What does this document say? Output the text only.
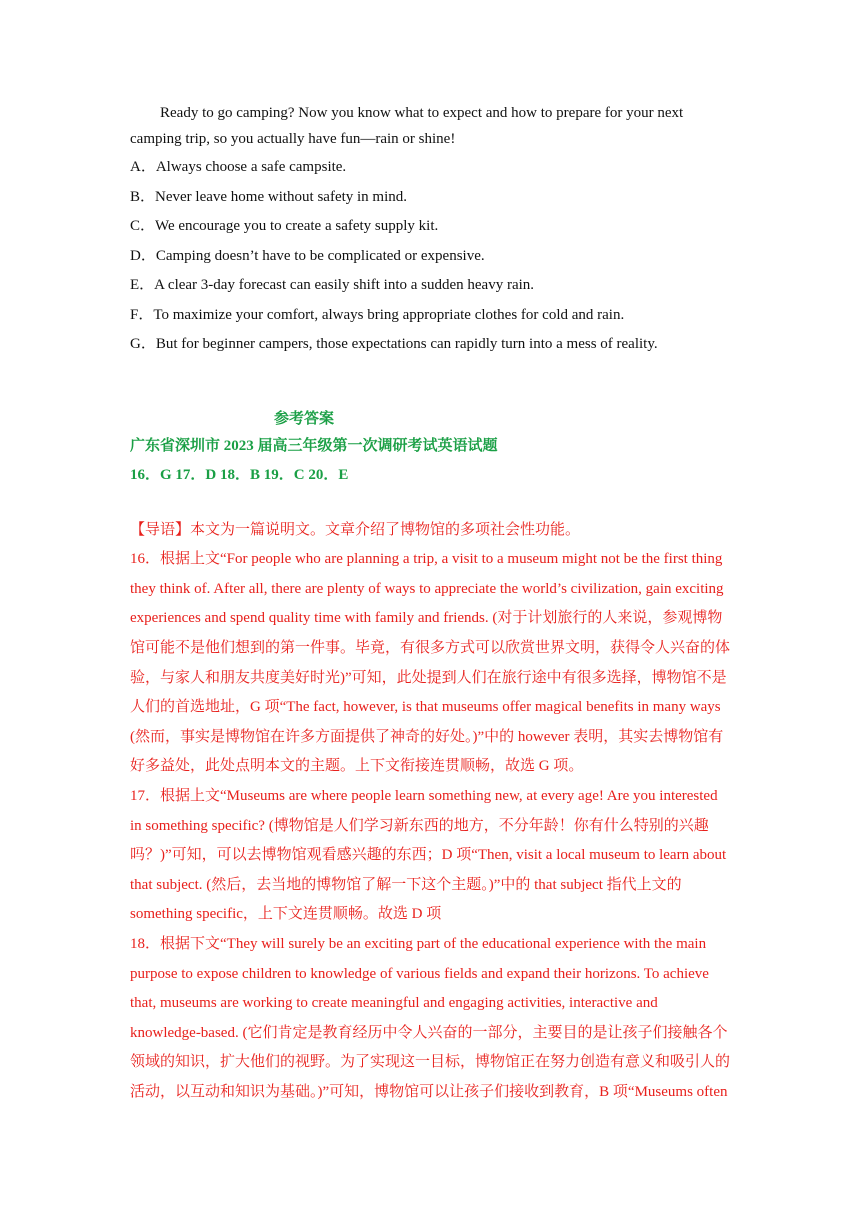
Ready to go camping? Now you know what to expect and how to prepare for your next camping trip, so you actually have fun—rain or shine!

A．Always choose a safe campsite.

B．Never leave home without safety in mind.

C．We encourage you to create a safety supply kit.

D．Camping doesn’t have to be complicated or expensive.

E．A clear 3-day forecast can easily shift into a sudden heavy rain.

F．To maximize your comfort, always bring appropriate clothes for cold and rain.

G．But for beginner campers, those expectations can rapidly turn into a mess of reality.

参考答案

广东省深圳市 2023 届高三年级第一次调研考试英语试题

16．G 17．D 18．B 19．C 20．E

【导语】本文为一篇说明文。文章介绍了博物馆的多项社会性功能。

16．根据上文“For people who are planning a trip, a visit to a museum might not be the first thing they think of. After all, there are plenty of ways to appreciate the world’s civilization, gain exciting experiences and spend quality time with family and friends. (对于计划旅行的人来说，参观博物馆可能不是他们想到的第一件事。毕竟，有很多方式可以欣赏世界文明，获得令人兴奋的体验，与家人和朋友共度美好时光)”可知，此处提到人们在旅行途中有很多选择，博物馆不是人们的首选地址，G 项“The fact, however, is that museums offer magical benefits in many ways (然而，事实是博物馆在许多方面提供了神奇的好处。)”中的 however 表明，其实去博物馆有好多益处，此处点明本文的主题。上下文衔接连贯顺畅，故选 G 项。

17．根据上文“Museums are where people learn something new, at every age! Are you interested in something specific? (博物馆是人们学习新东西的地方，不分年龄！你有什么特别的兴趣吗？)”可知，可以去博物馆观看感兴趣的东西；D 项“Then, visit a local museum to learn about that subject. (然后，去当地的博物馆了解一下这个主题。)”中的 that subject 指代上文的 something specific，上下文连贯顺畅。故选 D 项

18．根据下文“They will surely be an exciting part of the educational experience with the main purpose to expose children to knowledge of various fields and expand their horizons. To achieve that, museums are working to create meaningful and engaging activities, interactive and knowledge-based. (它们肯定是教育经历中令人兴奋的一部分，主要目的是让孩子们接触各个领域的知识，扩大他们的视野。为了实现这一目标，博物馆正在努力创造有意义和吸引人的活动，以互动和知识为基础。)”可知，博物馆可以让孩子们接收到教育，B 项“Museums often
